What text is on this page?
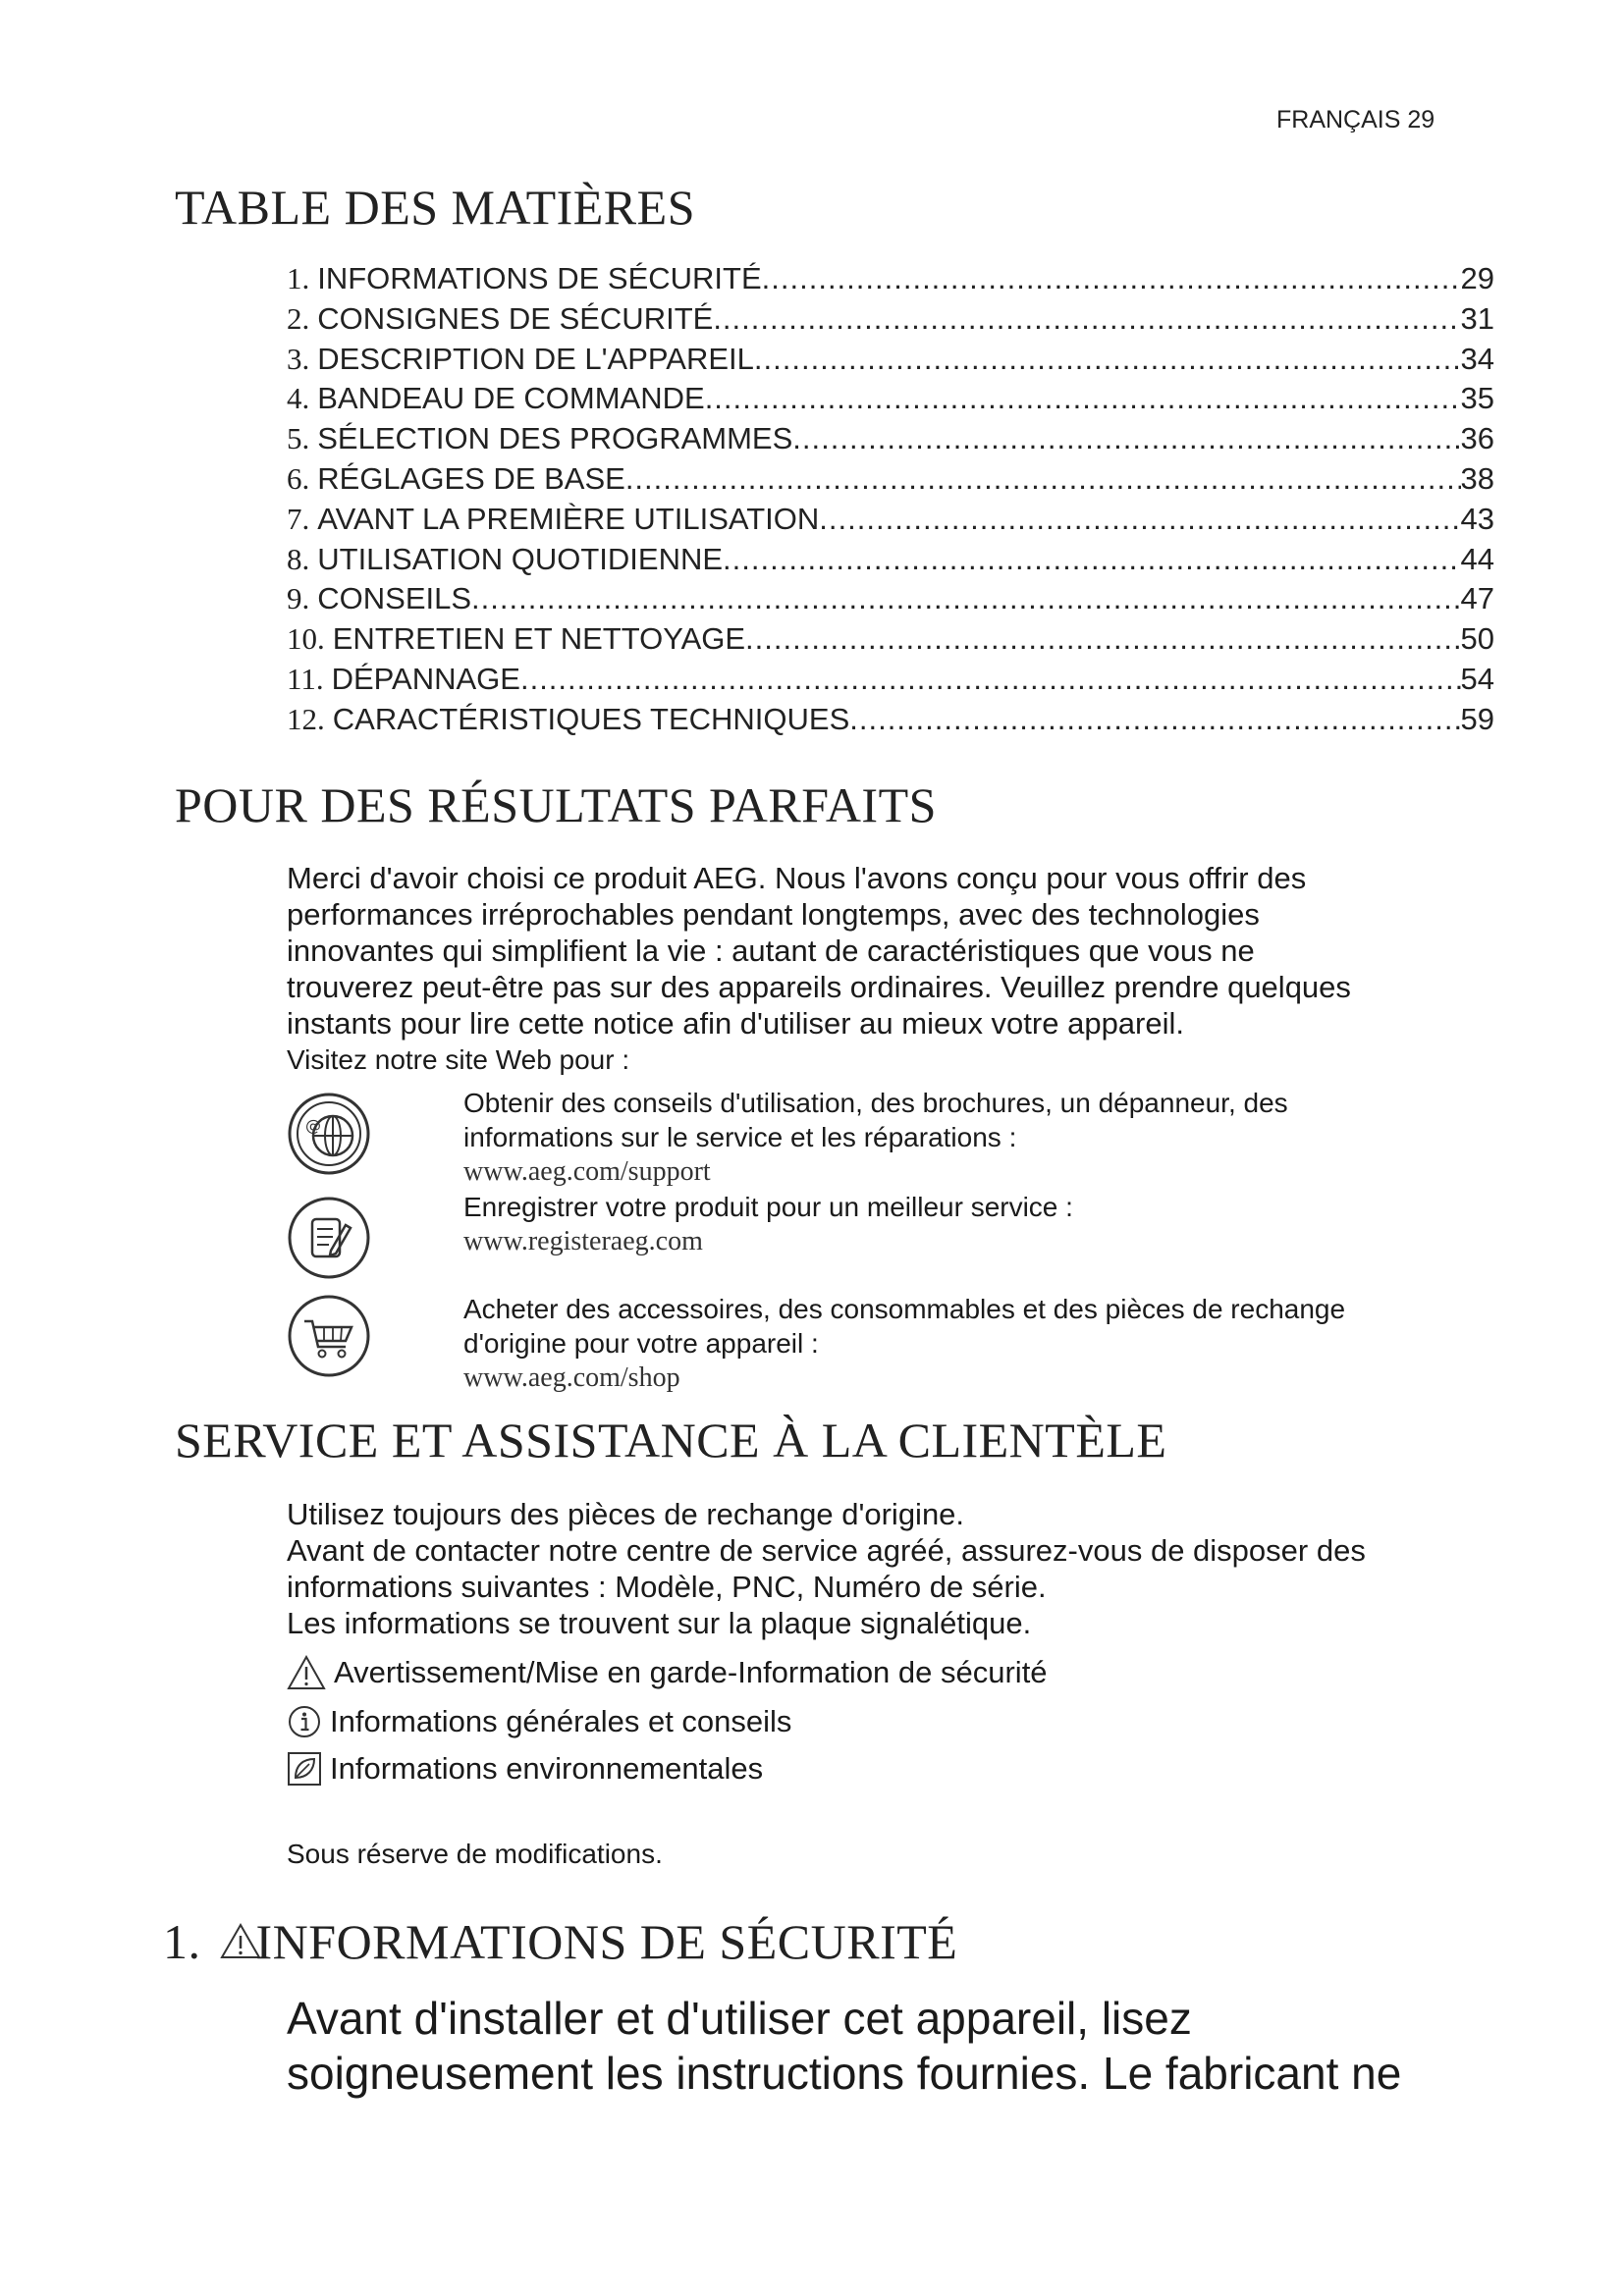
FRANÇAIS 29
TABLE DES MATIÈRES
1. INFORMATIONS DE SÉCURITÉ .....	29
2. CONSIGNES DE SÉCURITÉ .....	31
3. DESCRIPTION DE L'APPAREIL .....	34
4. BANDEAU DE COMMANDE .....	35
5. SÉLECTION DES PROGRAMMES .....	36
6. RÉGLAGES DE BASE .....	38
7. AVANT LA PREMIÈRE UTILISATION .....	43
8. UTILISATION QUOTIDIENNE .....	44
9. CONSEILS .....	47
10. ENTRETIEN ET NETTOYAGE .....	50
11. DÉPANNAGE .....	54
12. CARACTÉRISTIQUES TECHNIQUES .....	59
POUR DES RÉSULTATS PARFAITS
Merci d'avoir choisi ce produit AEG. Nous l'avons conçu pour vous offrir des
performances irréprochables pendant longtemps, avec des technologies
innovantes qui simplifient la vie : autant de caractéristiques que vous ne
trouverez peut-être pas sur des appareils ordinaires. Veuillez prendre quelques
instants pour lire cette notice afin d'utiliser au mieux votre appareil.
Visitez notre site Web pour :
@
Obtenir des conseils d'utilisation, des brochures, un dépanneur, des
informations sur le service et les réparations :
www.aeg.com/support
Enregistrer votre produit pour un meilleur service :
www.registeraeg.com
Acheter des accessoires, des consommables et des pièces de rechange
d'origine pour votre appareil :
www.aeg.com/shop
SERVICE ET ASSISTANCE À LA CLIENTÈLE
Utilisez toujours des pièces de rechange d'origine.
Avant de contacter notre centre de service agréé, assurez-vous de disposer des
informations suivantes : Modèle, PNC, Numéro de série.
Les informations se trouvent sur la plaque signalétique.
Avertissement/Mise en garde-Information de sécurité
Informations générales et conseils
Informations environnementales
Sous réserve de modifications.
1. INFORMATIONS DE SÉCURITÉ
Avant d'installer et d'utiliser cet appareil, lisez
soigneusement les instructions fournies. Le fabricant ne
